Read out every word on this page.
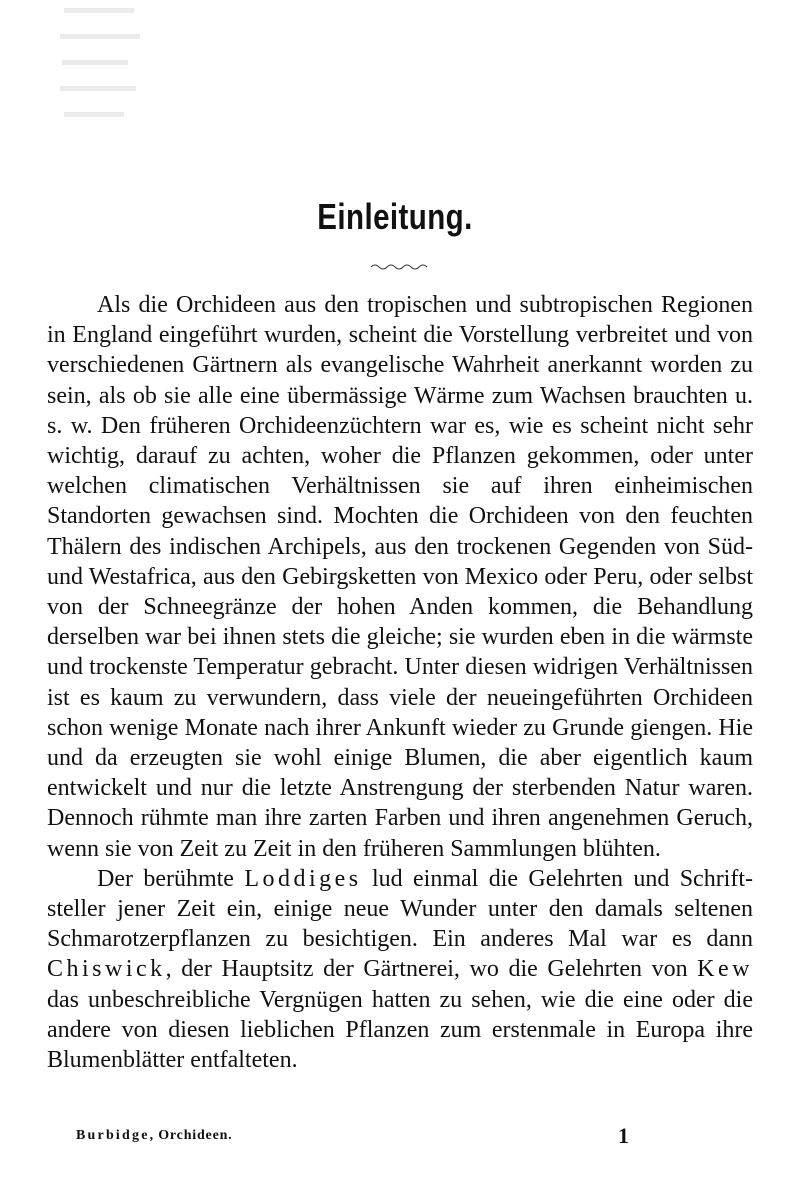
Einleitung.

Als die Orchideen aus den tropischen und subtropischen Regionen in England eingeführt wurden, scheint die Vorstellung verbreitet und von verschiedenen Gärtnern als evangelische Wahrheit anerkannt worden zu sein, als ob sie alle eine übermässige Wärme zum Wachsen brauchten u. s. w. Den früheren Orchideenzüchtern war es, wie es scheint nicht sehr wichtig, darauf zu achten, woher die Pflanzen gekommen, oder unter welchen climatischen Verhältnissen sie auf ihren einheimischen Standorten gewachsen sind. Mochten die Orchideen von den feuchten Thälern des indischen Archipels, aus den trockenen Gegenden von Süd- und Westafrica, aus den Gebirgsketten von Mexico oder Peru, oder selbst von der Schneegränze der hohen Anden kommen, die Behandlung derselben war bei ihnen stets die gleiche; sie wurden eben in die wärmste und trockenste Temperatur gebracht. Unter diesen widrigen Verhältnissen ist es kaum zu verwundern, dass viele der neueingeführten Orchideen schon wenige Monate nach ihrer Ankunft wieder zu Grunde giengen. Hie und da erzeugten sie wohl einige Blumen, die aber eigentlich kaum entwickelt und nur die letzte Anstrengung der sterbenden Natur waren. Dennoch rühmte man ihre zarten Farben und ihren angenehmen Geruch, wenn sie von Zeit zu Zeit in den früheren Sammlungen blühten.

Der berühmte Loddiges lud einmal die Gelehrten und Schriftsteller jener Zeit ein, einige neue Wunder unter den damals seltenen Schmarotzerpflanzen zu besichtigen. Ein anderes Mal war es dann Chiswick, der Hauptsitz der Gärtnerei, wo die Gelehrten von Kew das unbeschreibliche Vergnügen hatten zu sehen, wie die eine oder die andere von diesen lieblichen Pflanzen zum erstenmale in Europa ihre Blumenblätter entfalteten.

Burbidge, Orchideen.	1
